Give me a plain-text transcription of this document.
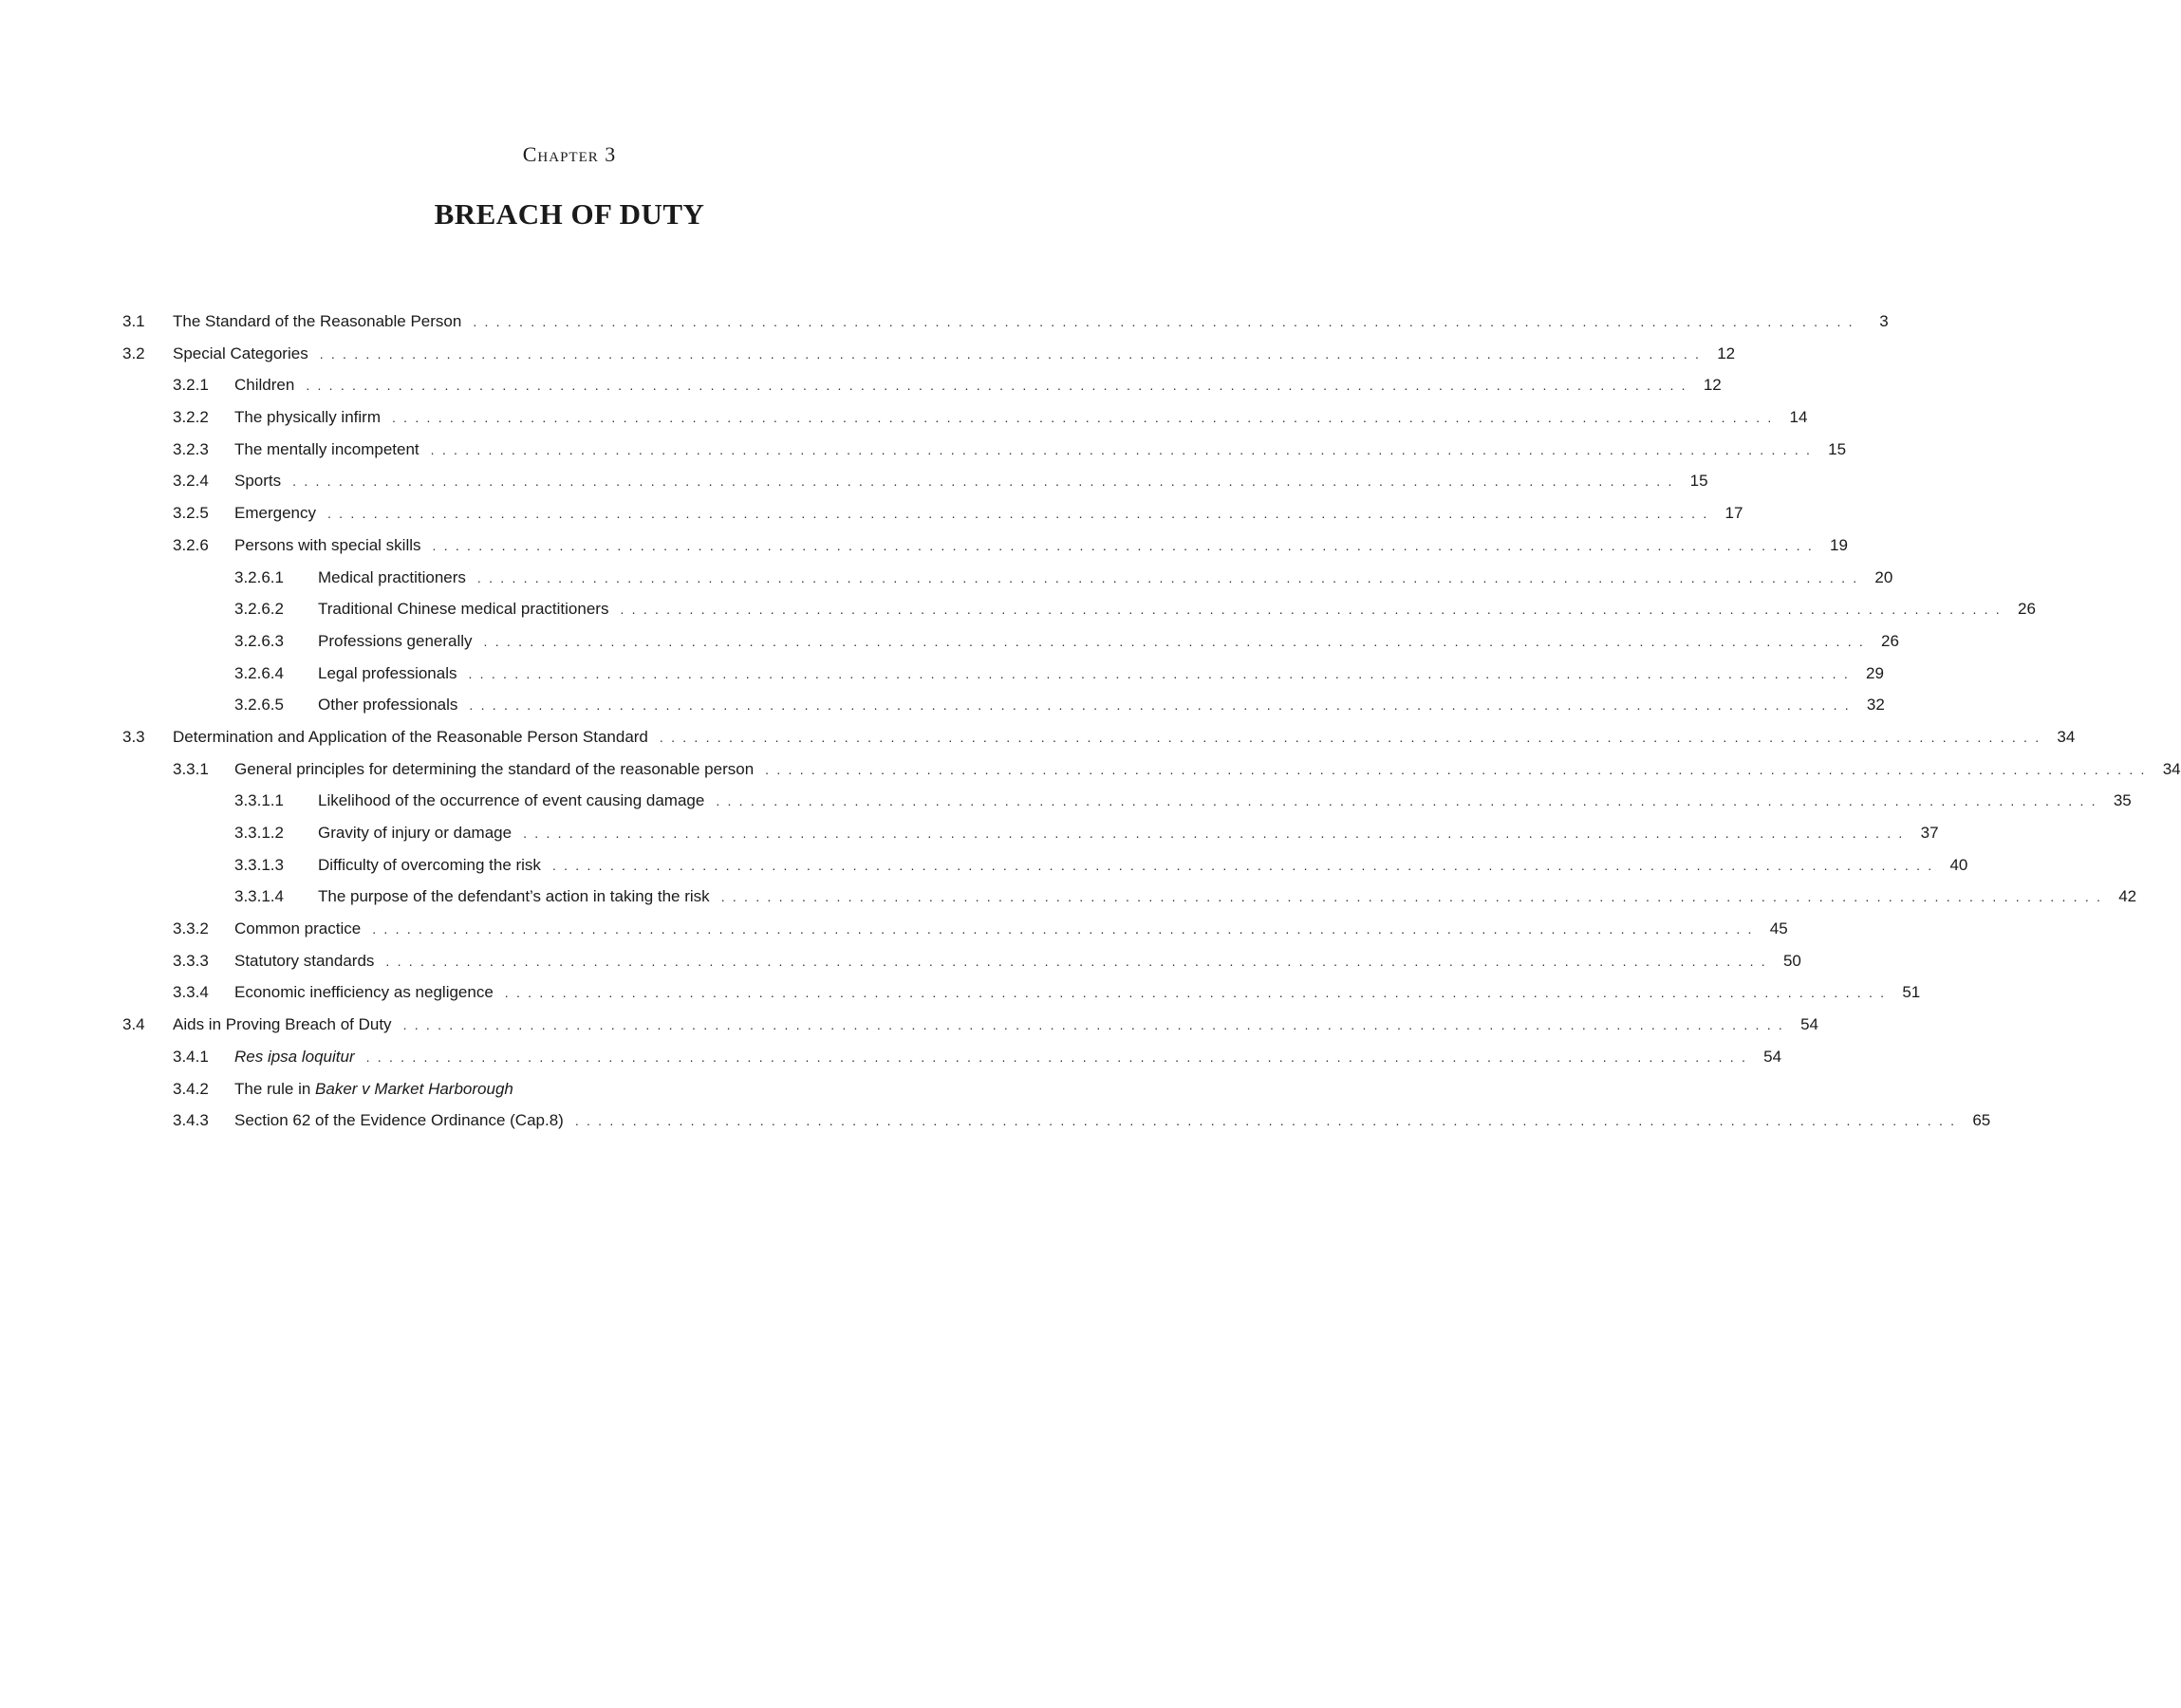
Chapter 3
BREACH OF DUTY
3.1	The Standard of the Reasonable Person . . . . . . . . . . . . . . . . . . . . . . . . . . . . . . . . . . . . . . . . . . . . . . . . . . . . . . . . . . . . . . . . . . . . . . . . . . . . . . . . . . . . . . . . . . . . . . . . . . . . . . . . . . . . . . . . . . . . . . . .	3
3.2	Special Categories . . . . . . . . . . . . . . . . . . . . . . . . . . . . . . . . . . . . . . . . . . . . . . . . . . . . . . . . . . . . . . . . . . . . . . . . . . . . . . . . . . . . . . . . . . . . . . . . . . . . . . . . . . . . . . . . . . . . . . . .	12
3.2.1	Children . . . . . . . . . . . . . . . . . . . . . . . . . . . . . . . . . . . . . . . . . . . . . . . . . . . . . . . . . . . . . . . . . . . . . . . . . . . . . . . . . . . . . . . . . . . . . . . . . . . . . . . . . . . . . . . . . . . . . . . .	12
3.2.2	The physically infirm . . . . . . . . . . . . . . . . . . . . . . . . . . . . . . . . . . . . . . . . . . . . . . . . . . . . . . . . . . . . . . . . . . . . . . . . . . . . . . . . . . . . . . . . . . . . . . . . . . . . . . . . . . . . . . . . . . . . . . . .	14
3.2.3	The mentally incompetent . . . . . . . . . . . . . . . . . . . . . . . . . . . . . . . . . . . . . . . . . . . . . . . . . . . . . . . . . . . . . . . . . . . . . . . . . . . . . . . . . . . . . . . . . . . . . . . . . . . . . . . . . . . . . . . . . . . . . . . .	15
3.2.4	Sports . . . . . . . . . . . . . . . . . . . . . . . . . . . . . . . . . . . . . . . . . . . . . . . . . . . . . . . . . . . . . . . . . . . . . . . . . . . . . . . . . . . . . . . . . . . . . . . . . . . . . . . . . . . . . . . . . . . . . . . .	15
3.2.5	Emergency . . . . . . . . . . . . . . . . . . . . . . . . . . . . . . . . . . . . . . . . . . . . . . . . . . . . . . . . . . . . . . . . . . . . . . . . . . . . . . . . . . . . . . . . . . . . . . . . . . . . . . . . . . . . . . . . . . . . . . . .	17
3.2.6	Persons with special skills . . . . . . . . . . . . . . . . . . . . . . . . . . . . . . . . . . . . . . . . . . . . . . . . . . . . . . . . . . . . . . . . . . . . . . . . . . . . . . . . . . . . . . . . . . . . . . . . . . . . . . . . . . . . . . . . . . . . . . . .	19
3.2.6.1	Medical practitioners . . . . . . . . . . . . . . . . . . . . . . . . . . . . . . . . . . . . . . . . . . . . . . . . . . . . . . . . . . . . . . . . . . . . . . . . . . . . . . . . . . . . . . . . . . . . . . . . . . . . . . . . . . . . . . . . . . . . . . . .	20
3.2.6.2	Traditional Chinese medical practitioners . . . . . . . . . . . . . . . . . . . . . . . . . . . . . . . . . . . . . . . . . . . . . . . . . . . . . . . . . . . . . . . . . . . . . . . . . . . . . . . . . . . . . . . . . . . . . . . . . . . . . . . . . . . . . . . . . . . . . . . .	26
3.2.6.3	Professions generally . . . . . . . . . . . . . . . . . . . . . . . . . . . . . . . . . . . . . . . . . . . . . . . . . . . . . . . . . . . . . . . . . . . . . . . . . . . . . . . . . . . . . . . . . . . . . . . . . . . . . . . . . . . . . . . . . . . . . . . .	26
3.2.6.4	Legal professionals . . . . . . . . . . . . . . . . . . . . . . . . . . . . . . . . . . . . . . . . . . . . . . . . . . . . . . . . . . . . . . . . . . . . . . . . . . . . . . . . . . . . . . . . . . . . . . . . . . . . . . . . . . . . . . . . . . . . . . . .	29
3.2.6.5	Other professionals . . . . . . . . . . . . . . . . . . . . . . . . . . . . . . . . . . . . . . . . . . . . . . . . . . . . . . . . . . . . . . . . . . . . . . . . . . . . . . . . . . . . . . . . . . . . . . . . . . . . . . . . . . . . . . . . . . . . . . . .	32
3.3	Determination and Application of the Reasonable Person Standard . . . . . . . . . . . . . . . . . . . . . . . . . . . . . . . . . . . . . . . . . . . . . . . . . . . . . . . . . . . . . . . . . . . . . . . . . . . . . . . . . . . . . . . . . . . . . . . . . . . . . . . . . . . . . . . . . . . . . . . .	34
3.3.1	General principles for determining the standard of the reasonable person . . . . . . . . . . . . . . . . . . . . . . . . . . . . . . . . . . . . . . . . . . . . . . . . . . . . . . . . . . . . . . . . . . . . . . . . . . . . . . . . . . . . . . . . . . . . . . . . . . . . . . . . . . . . . . . . . . . . . . . .	34
3.3.1.1	Likelihood of the occurrence of event causing damage . . . . . . . . . . . . . . . . . . . . . . . . . . . . . . . . . . . . . . . . . . . . . . . . . . . . . . . . . . . . . . . . . . . . . . . . . . . . . . . . . . . . . . . . . . . . . . . . . . . . . . . . . . . . . . . . . . . . . . . .	35
3.3.1.2	Gravity of injury or damage . . . . . . . . . . . . . . . . . . . . . . . . . . . . . . . . . . . . . . . . . . . . . . . . . . . . . . . . . . . . . . . . . . . . . . . . . . . . . . . . . . . . . . . . . . . . . . . . . . . . . . . . . . . . . . . . . . . . . . . .	37
3.3.1.3	Difficulty of overcoming the risk . . . . . . . . . . . . . . . . . . . . . . . . . . . . . . . . . . . . . . . . . . . . . . . . . . . . . . . . . . . . . . . . . . . . . . . . . . . . . . . . . . . . . . . . . . . . . . . . . . . . . . . . . . . . . . . . . . . . . . . .	40
3.3.1.4	The purpose of the defendant’s action in taking the risk . . . . . . . . . . . . . . . . . . . . . . . . . . . . . . . . . . . . . . . . . . . . . . . . . . . . . . . . . . . . . . . . . . . . . . . . . . . . . . . . . . . . . . . . . . . . . . . . . . . . . . . . . . . . . . . . . . . . . . . .	42
3.3.2	Common practice . . . . . . . . . . . . . . . . . . . . . . . . . . . . . . . . . . . . . . . . . . . . . . . . . . . . . . . . . . . . . . . . . . . . . . . . . . . . . . . . . . . . . . . . . . . . . . . . . . . . . . . . . . . . . . . . . . . . . . . .	45
3.3.3	Statutory standards . . . . . . . . . . . . . . . . . . . . . . . . . . . . . . . . . . . . . . . . . . . . . . . . . . . . . . . . . . . . . . . . . . . . . . . . . . . . . . . . . . . . . . . . . . . . . . . . . . . . . . . . . . . . . . . . . . . . . . . .	50
3.3.4	Economic inefficiency as negligence . . . . . . . . . . . . . . . . . . . . . . . . . . . . . . . . . . . . . . . . . . . . . . . . . . . . . . . . . . . . . . . . . . . . . . . . . . . . . . . . . . . . . . . . . . . . . . . . . . . . . . . . . . . . . . . . . . . . . . . .	51
3.4	Aids in Proving Breach of Duty . . . . . . . . . . . . . . . . . . . . . . . . . . . . . . . . . . . . . . . . . . . . . . . . . . . . . . . . . . . . . . . . . . . . . . . . . . . . . . . . . . . . . . . . . . . . . . . . . . . . . . . . . . . . . . . . . . . . . . . .	54
3.4.1	Res ipsa loquitur . . . . . . . . . . . . . . . . . . . . . . . . . . . . . . . . . . . . . . . . . . . . . . . . . . . . . . . . . . . . . . . . . . . . . . . . . . . . . . . . . . . . . . . . . . . . . . . . . . . . . . . . . . . . . . . . . . . . . . . .	54
3.4.2	The rule in Baker v Market Harborough
3.4.3	Section 62 of the Evidence Ordinance (Cap.8) . . . . . . . . . . . . . . . . . . . . . . . . . . . . . . . . . . . . . . . . . . . . . . . . . . . . . . . . . . . . . . . . . . . . . . . . . . . . . . . . . . . . . . . . . . . . . . . . . . . . . . . . . . . . . . . . . . . . . . . .	65
